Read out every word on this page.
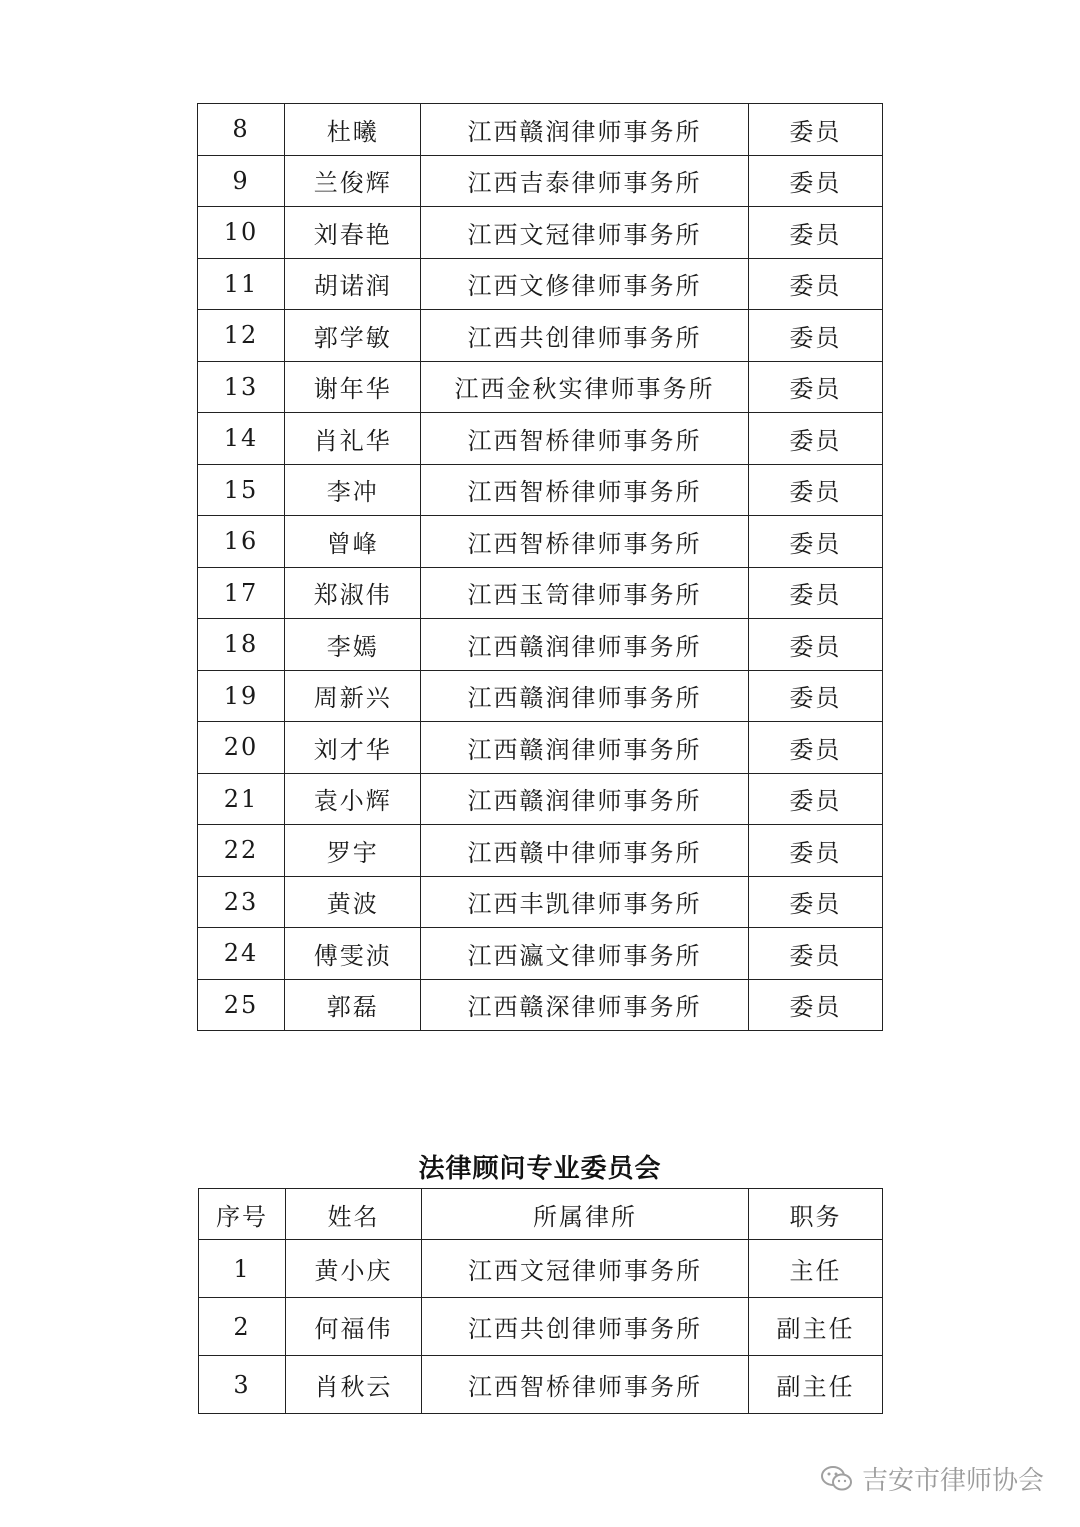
8	杜曦	江西赣润律师事务所	委员
9	兰俊辉	江西吉泰律师事务所	委员
10	刘春艳	江西文冠律师事务所	委员
11	胡诺润	江西文修律师事务所	委员
12	郭学敏	江西共创律师事务所	委员
13	谢年华	江西金秋实律师事务所	委员
14	肖礼华	江西智桥律师事务所	委员
15	李冲	江西智桥律师事务所	委员
16	曾峰	江西智桥律师事务所	委员
17	郑淑伟	江西玉笥律师事务所	委员
18	李嫣	江西赣润律师事务所	委员
19	周新兴	江西赣润律师事务所	委员
20	刘才华	江西赣润律师事务所	委员
21	袁小辉	江西赣润律师事务所	委员
22	罗宇	江西赣中律师事务所	委员
23	黄波	江西丰凯律师事务所	委员
24	傅雯浈	江西瀛文律师事务所	委员
25	郭磊	江西赣深律师事务所	委员
法律顾问专业委员会
序号	姓名	所属律所	职务
1	黄小庆	江西文冠律师事务所	主任
2	何福伟	江西共创律师事务所	副主任
3	肖秋云	江西智桥律师事务所	副主任
吉安市律师协会
